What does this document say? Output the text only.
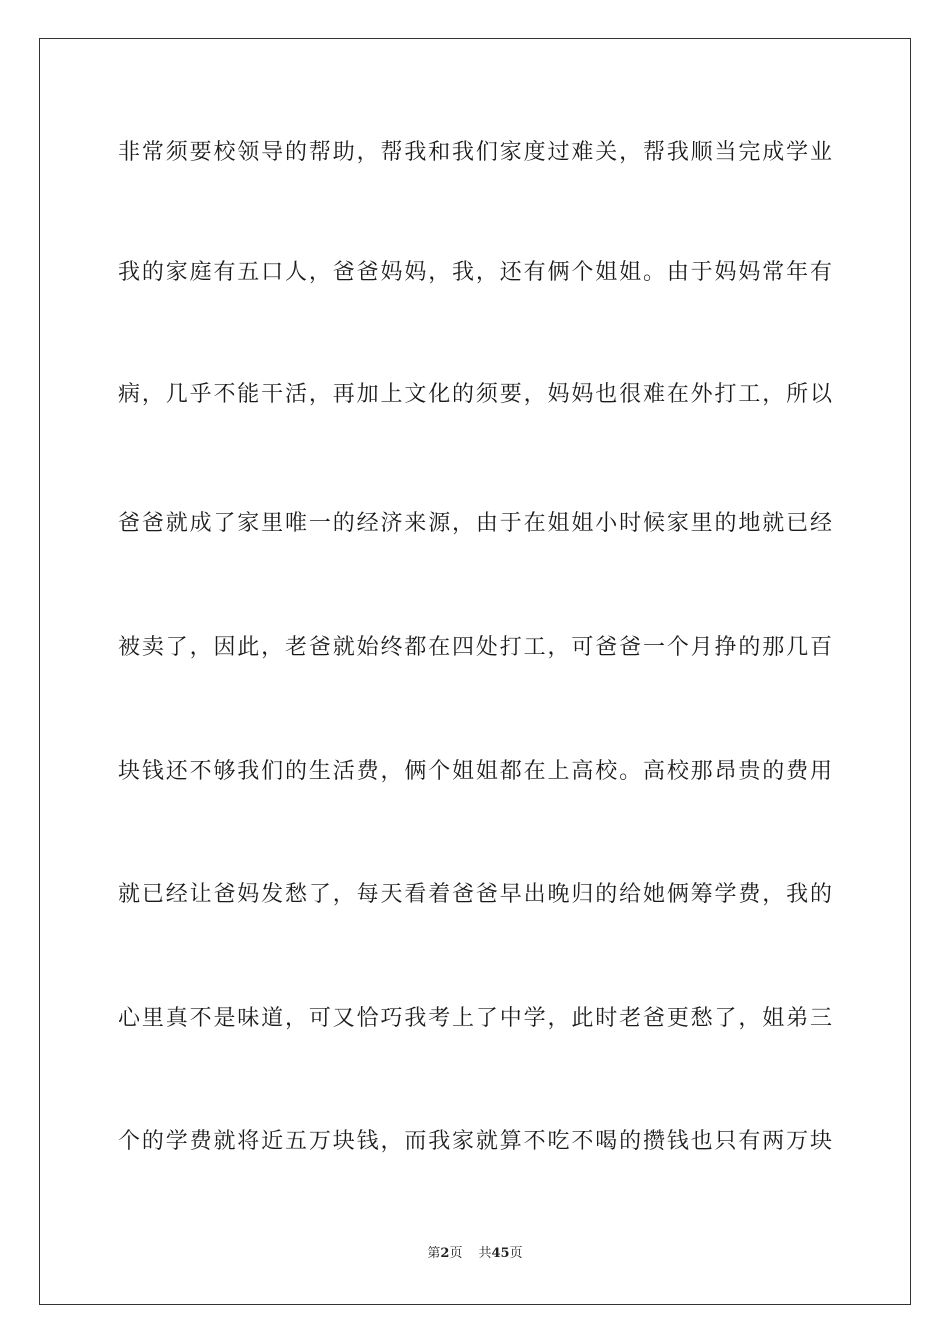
非常须要校领导的帮助，帮我和我们家度过难关，帮我顺当完成学业
我的家庭有五口人，爸爸妈妈，我，还有俩个姐姐。由于妈妈常年有
病，几乎不能干活，再加上文化的须要，妈妈也很难在外打工，所以
爸爸就成了家里唯一的经济来源，由于在姐姐小时候家里的地就已经
被卖了，因此，老爸就始终都在四处打工，可爸爸一个月挣的那几百
块钱还不够我们的生活费，俩个姐姐都在上高校。高校那昂贵的费用
就已经让爸妈发愁了，每天看着爸爸早出晚归的给她俩筹学费，我的
心里真不是味道，可又恰巧我考上了中学，此时老爸更愁了，姐弟三
个的学费就将近五万块钱，而我家就算不吃不喝的攒钱也只有两万块
第2页 共45页
